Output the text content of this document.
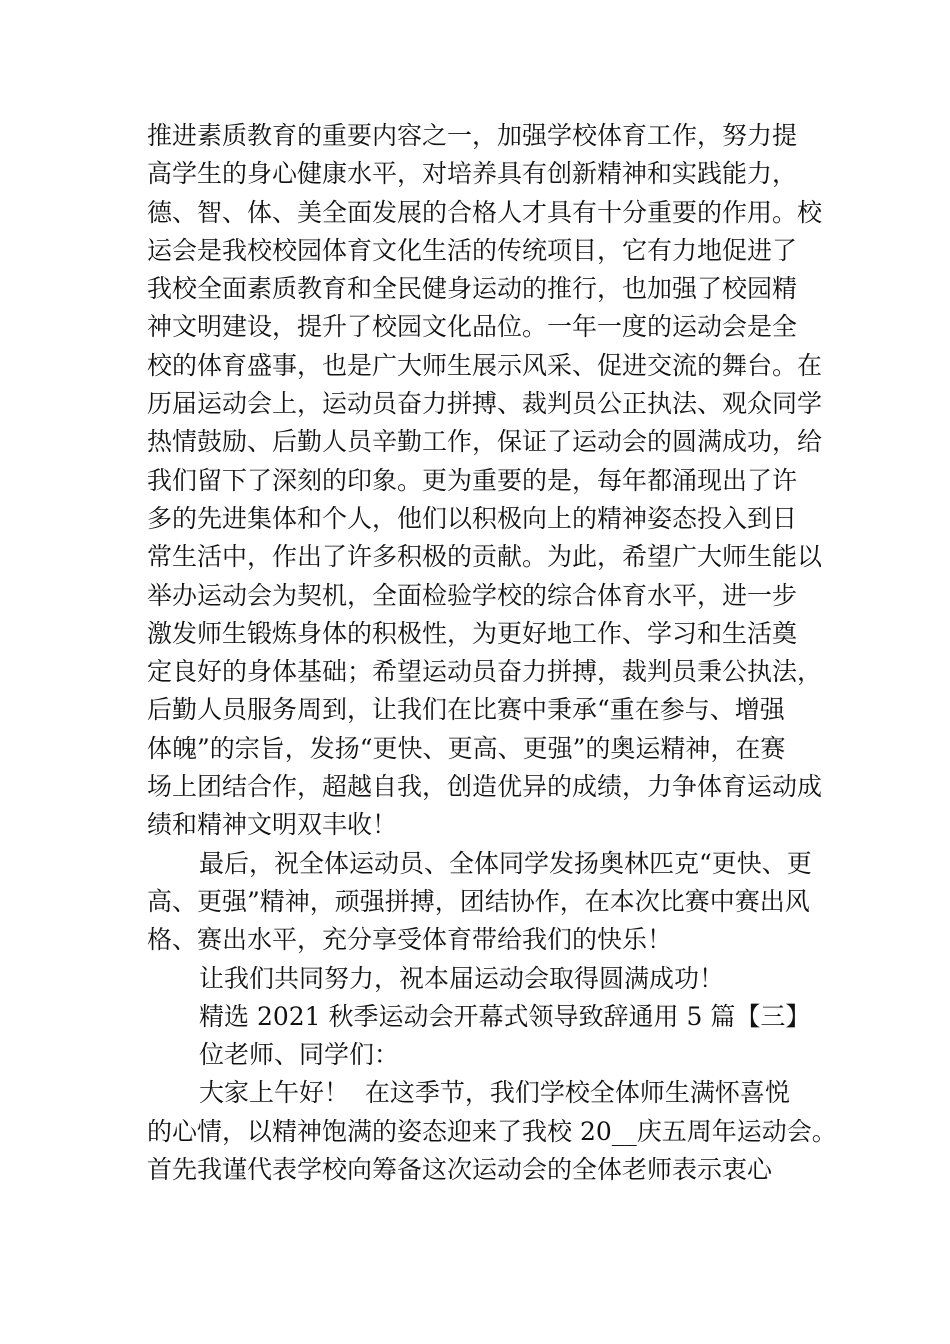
推进素质教育的重要内容之一，加强学校体育工作，努力提
高学生的身心健康水平，对培养具有创新精神和实践能力，
德、智、体、美全面发展的合格人才具有十分重要的作用。校
运会是我校校园体育文化生活的传统项目，它有力地促进了
我校全面素质教育和全民健身运动的推行，也加强了校园精
神文明建设，提升了校园文化品位。一年一度的运动会是全
校的体育盛事，也是广大师生展示风采、促进交流的舞台。在
历届运动会上，运动员奋力拼搏、裁判员公正执法、观众同学
热情鼓励、后勤人员辛勤工作，保证了运动会的圆满成功，给
我们留下了深刻的印象。更为重要的是，每年都涌现出了许
多的先进集体和个人，他们以积极向上的精神姿态投入到日
常生活中，作出了许多积极的贡献。为此，希望广大师生能以
举办运动会为契机，全面检验学校的综合体育水平，进一步
激发师生锻炼身体的积极性，为更好地工作、学习和生活奠
定良好的身体基础；希望运动员奋力拼搏，裁判员秉公执法，
后勤人员服务周到，让我们在比赛中秉承“重在参与、增强
体魄”的宗旨，发扬“更快、更高、更强”的奥运精神，在赛
场上团结合作，超越自我，创造优异的成绩，力争体育运动成
绩和精神文明双丰收！
最后，祝全体运动员、全体同学发扬奥林匹克“更快、更
高、更强”精神，顽强拼搏，团结协作，在本次比赛中赛出风
格、赛出水平，充分享受体育带给我们的快乐！
让我们共同努力，祝本届运动会取得圆满成功！
精选 2021 秋季运动会开幕式领导致辞通用 5 篇【三】
位老师、同学们：
大家上午好！  在这季节，我们学校全体师生满怀喜悦
的心情，以精神饱满的姿态迎来了我校 20__庆五周年运动会。
首先我谨代表学校向筹备这次运动会的全体老师表示衷心
